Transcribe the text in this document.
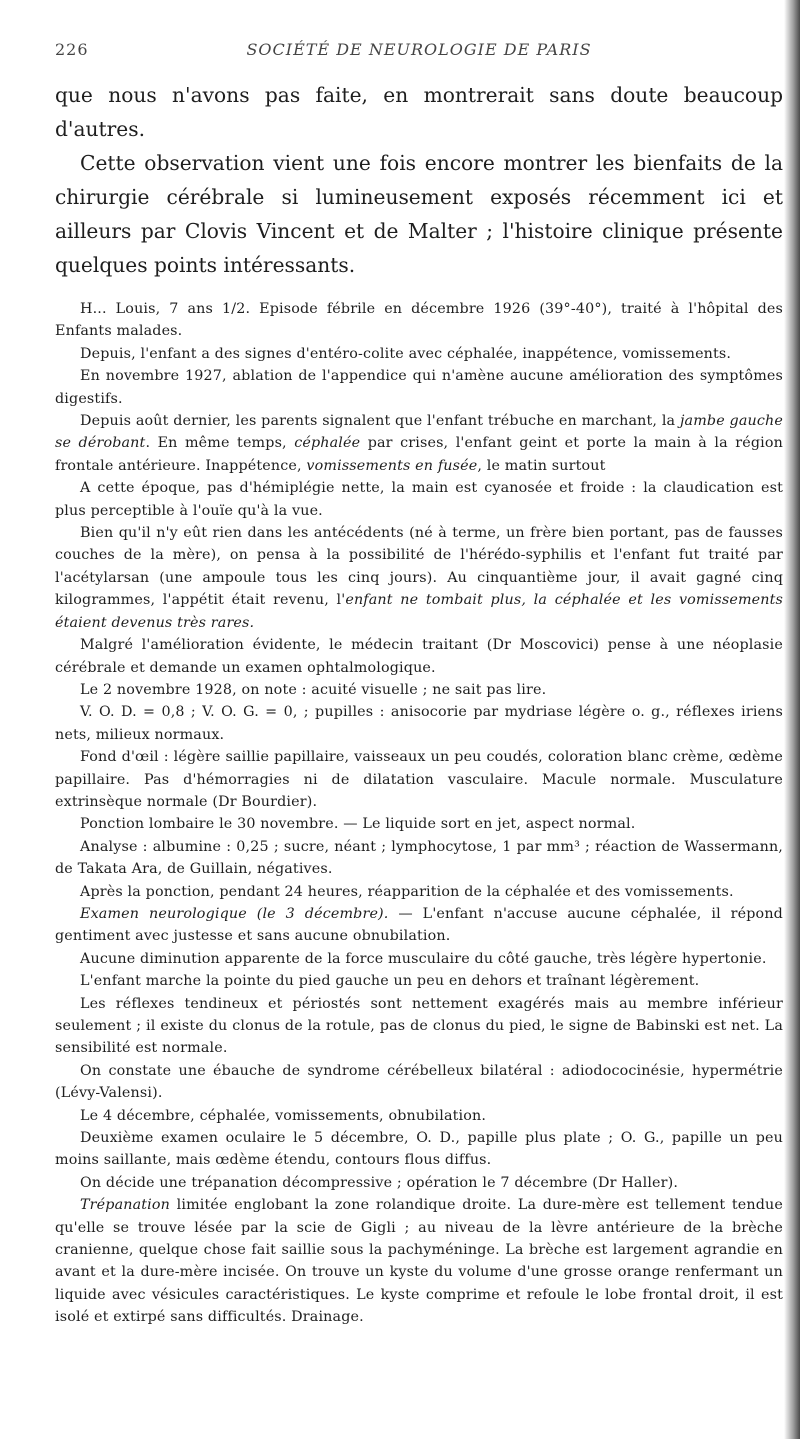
226	SOCIÉTÉ DE NEUROLOGIE DE PARIS

que nous n'avons pas faite, en montrerait sans doute beaucoup d'autres.

Cette observation vient une fois encore montrer les bienfaits de la chirurgie cérébrale si lumineusement exposés récemment ici et ailleurs par Clovis Vincent et de Malter ; l'histoire clinique présente quelques points intéressants.

H... Louis, 7 ans 1/2. Episode fébrile en décembre 1926 (39°-40°), traité à l'hôpital des Enfants malades.

Depuis, l'enfant a des signes d'entéro-colite avec céphalée, inappétence, vomissements.

En novembre 1927, ablation de l'appendice qui n'amène aucune amélioration des symptômes digestifs.

Depuis août dernier, les parents signalent que l'enfant trébuche en marchant, la jambe gauche se dérobant. En même temps, céphalée par crises, l'enfant geint et porte la main à la région frontale antérieure. Inappétence, vomissements en fusée, le matin surtout

A cette époque, pas d'hémiplégie nette, la main est cyanosée et froide : la claudication est plus perceptible à l'ouïe qu'à la vue.

Bien qu'il n'y eût rien dans les antécédents (né à terme, un frère bien portant, pas de fausses couches de la mère), on pensa à la possibilité de l'hérédo-syphilis et l'enfant fut traité par l'acétylarsan (une ampoule tous les cinq jours). Au cinquantième jour, il avait gagné cinq kilogrammes, l'appétit était revenu, l'enfant ne tombait plus, la céphalée et les vomissements étaient devenus très rares.

Malgré l'amélioration évidente, le médecin traitant (Dr Moscovici) pense à une néoplasie cérébrale et demande un examen ophtalmologique.

Le 2 novembre 1928, on note : acuité visuelle ; ne sait pas lire.

V. O. D. = 0,8 ; V. O. G. = 0, ; pupilles : anisocorie par mydriase légère o. g., réflexes iriens nets, milieux normaux.

Fond d'œil : légère saillie papillaire, vaisseaux un peu coudés, coloration blanc crème, œdème papillaire. Pas d'hémorragies ni de dilatation vasculaire. Macule normale. Musculature extrinsèque normale (Dr Bourdier).

Ponction lombaire le 30 novembre. — Le liquide sort en jet, aspect normal.

Analyse : albumine : 0,25 ; sucre, néant ; lymphocytose, 1 par mm³ ; réaction de Wassermann, de Takata Ara, de Guillain, négatives.

Après la ponction, pendant 24 heures, réapparition de la céphalée et des vomissements.

Examen neurologique (le 3 décembre). — L'enfant n'accuse aucune céphalée, il répond gentiment avec justesse et sans aucune obnubilation.

Aucune diminution apparente de la force musculaire du côté gauche, très légère hypertonie.

L'enfant marche la pointe du pied gauche un peu en dehors et traînant légèrement.

Les réflexes tendineux et périostés sont nettement exagérés mais au membre inférieur seulement ; il existe du clonus de la rotule, pas de clonus du pied, le signe de Babinski est net. La sensibilité est normale.

On constate une ébauche de syndrome cérébelleux bilatéral : adiodococinésie, hypermétrie (Lévy-Valensi).

Le 4 décembre, céphalée, vomissements, obnubilation.

Deuxième examen oculaire le 5 décembre, O. D., papille plus plate ; O. G., papille un peu moins saillante, mais œdème étendu, contours flous diffus.

On décide une trépanation décompressive ; opération le 7 décembre (Dr Haller).

Trépanation limitée englobant la zone rolandique droite. La dure-mère est tellement tendue qu'elle se trouve lésée par la scie de Gigli ; au niveau de la lèvre antérieure de la brèche cranienne, quelque chose fait saillie sous la pachyméninge. La brèche est largement agrandie en avant et la dure-mère incisée. On trouve un kyste du volume d'une grosse orange renfermant un liquide avec vésicules caractéristiques. Le kyste comprime et refoule le lobe frontal droit, il est isolé et extirpé sans difficultés. Drainage.
